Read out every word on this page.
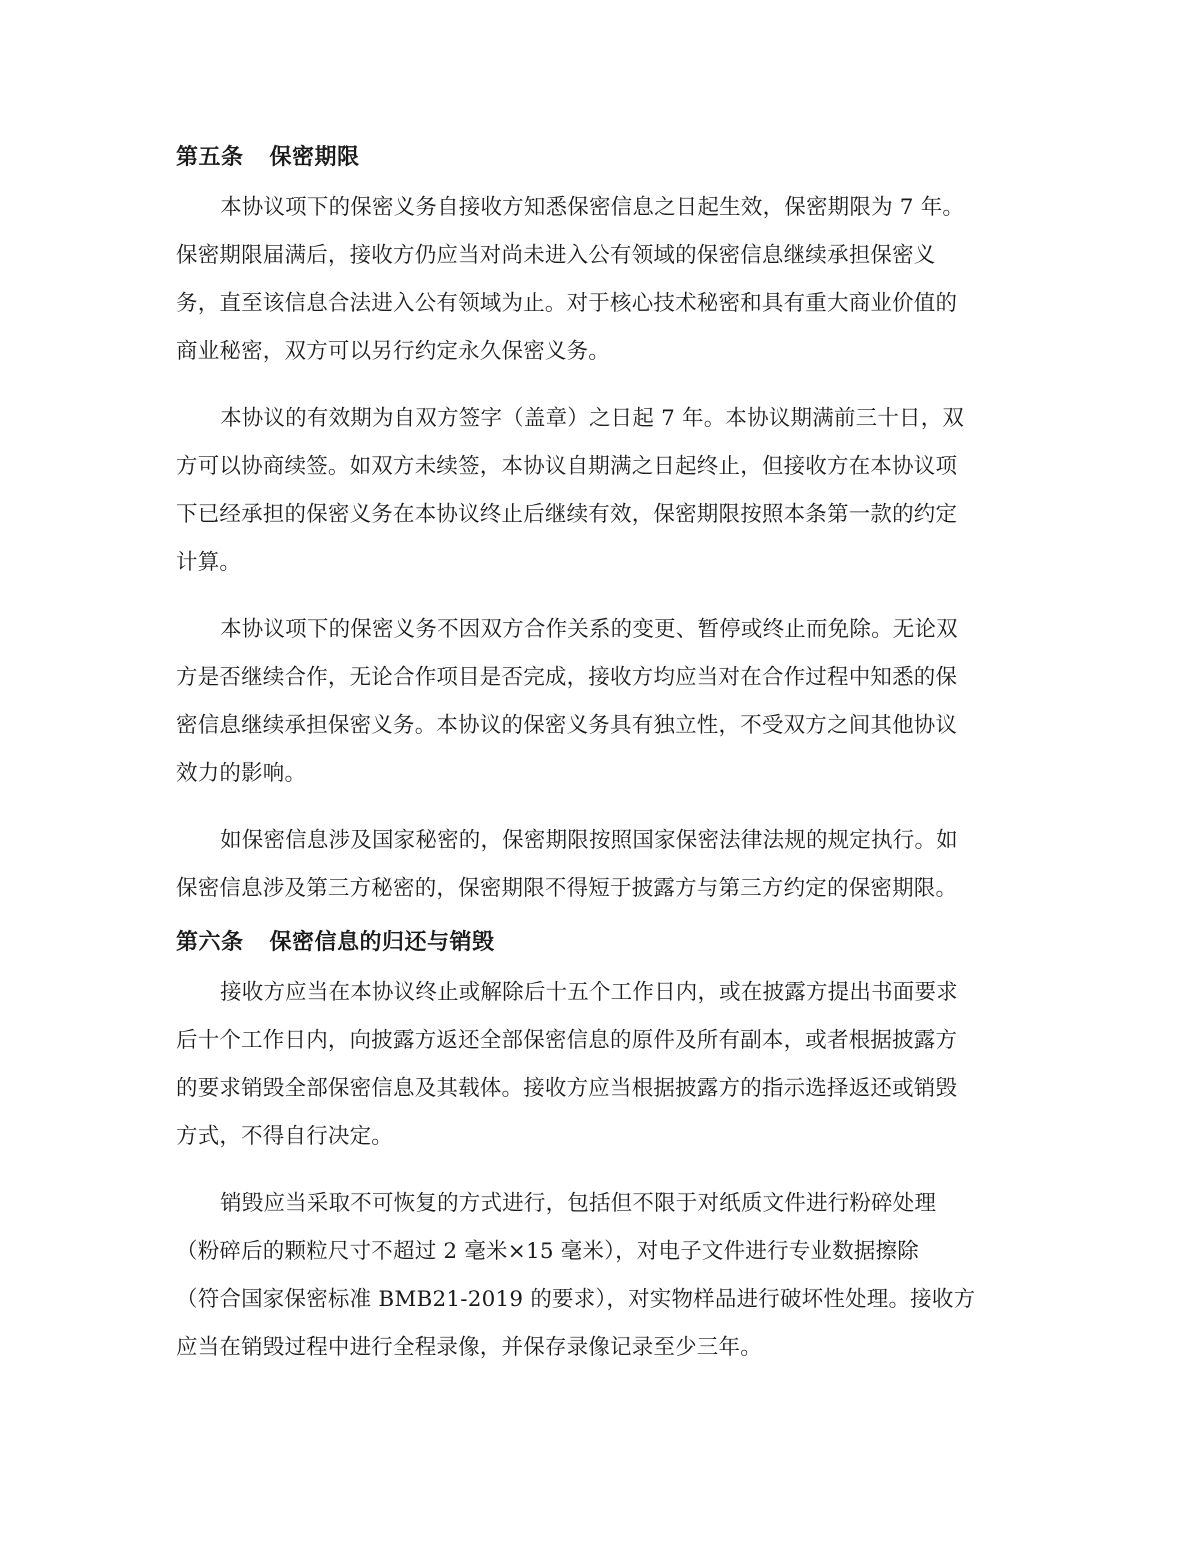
第五条 保密期限

本协议项下的保密义务自接收方知悉保密信息之日起生效，保密期限为 7 年。
保密期限届满后，接收方仍应当对尚未进入公有领域的保密信息继续承担保密义
务，直至该信息合法进入公有领域为止。对于核心技术秘密和具有重大商业价值的
商业秘密，双方可以另行约定永久保密义务。

本协议的有效期为自双方签字（盖章）之日起 7 年。本协议期满前三十日，双
方可以协商续签。如双方未续签，本协议自期满之日起终止，但接收方在本协议项
下已经承担的保密义务在本协议终止后继续有效，保密期限按照本条第一款的约定
计算。

本协议项下的保密义务不因双方合作关系的变更、暂停或终止而免除。无论双
方是否继续合作，无论合作项目是否完成，接收方均应当对在合作过程中知悉的保
密信息继续承担保密义务。本协议的保密义务具有独立性，不受双方之间其他协议
效力的影响。

如保密信息涉及国家秘密的，保密期限按照国家保密法律法规的规定执行。如
保密信息涉及第三方秘密的，保密期限不得短于披露方与第三方约定的保密期限。

第六条 保密信息的归还与销毁

接收方应当在本协议终止或解除后十五个工作日内，或在披露方提出书面要求
后十个工作日内，向披露方返还全部保密信息的原件及所有副本，或者根据披露方
的要求销毁全部保密信息及其载体。接收方应当根据披露方的指示选择返还或销毁
方式，不得自行决定。

销毁应当采取不可恢复的方式进行，包括但不限于对纸质文件进行粉碎处理
（粉碎后的颗粒尺寸不超过 2 毫米×15 毫米），对电子文件进行专业数据擦除
（符合国家保密标准 BMB21-2019 的要求），对实物样品进行破坏性处理。接收方
应当在销毁过程中进行全程录像，并保存录像记录至少三年。
